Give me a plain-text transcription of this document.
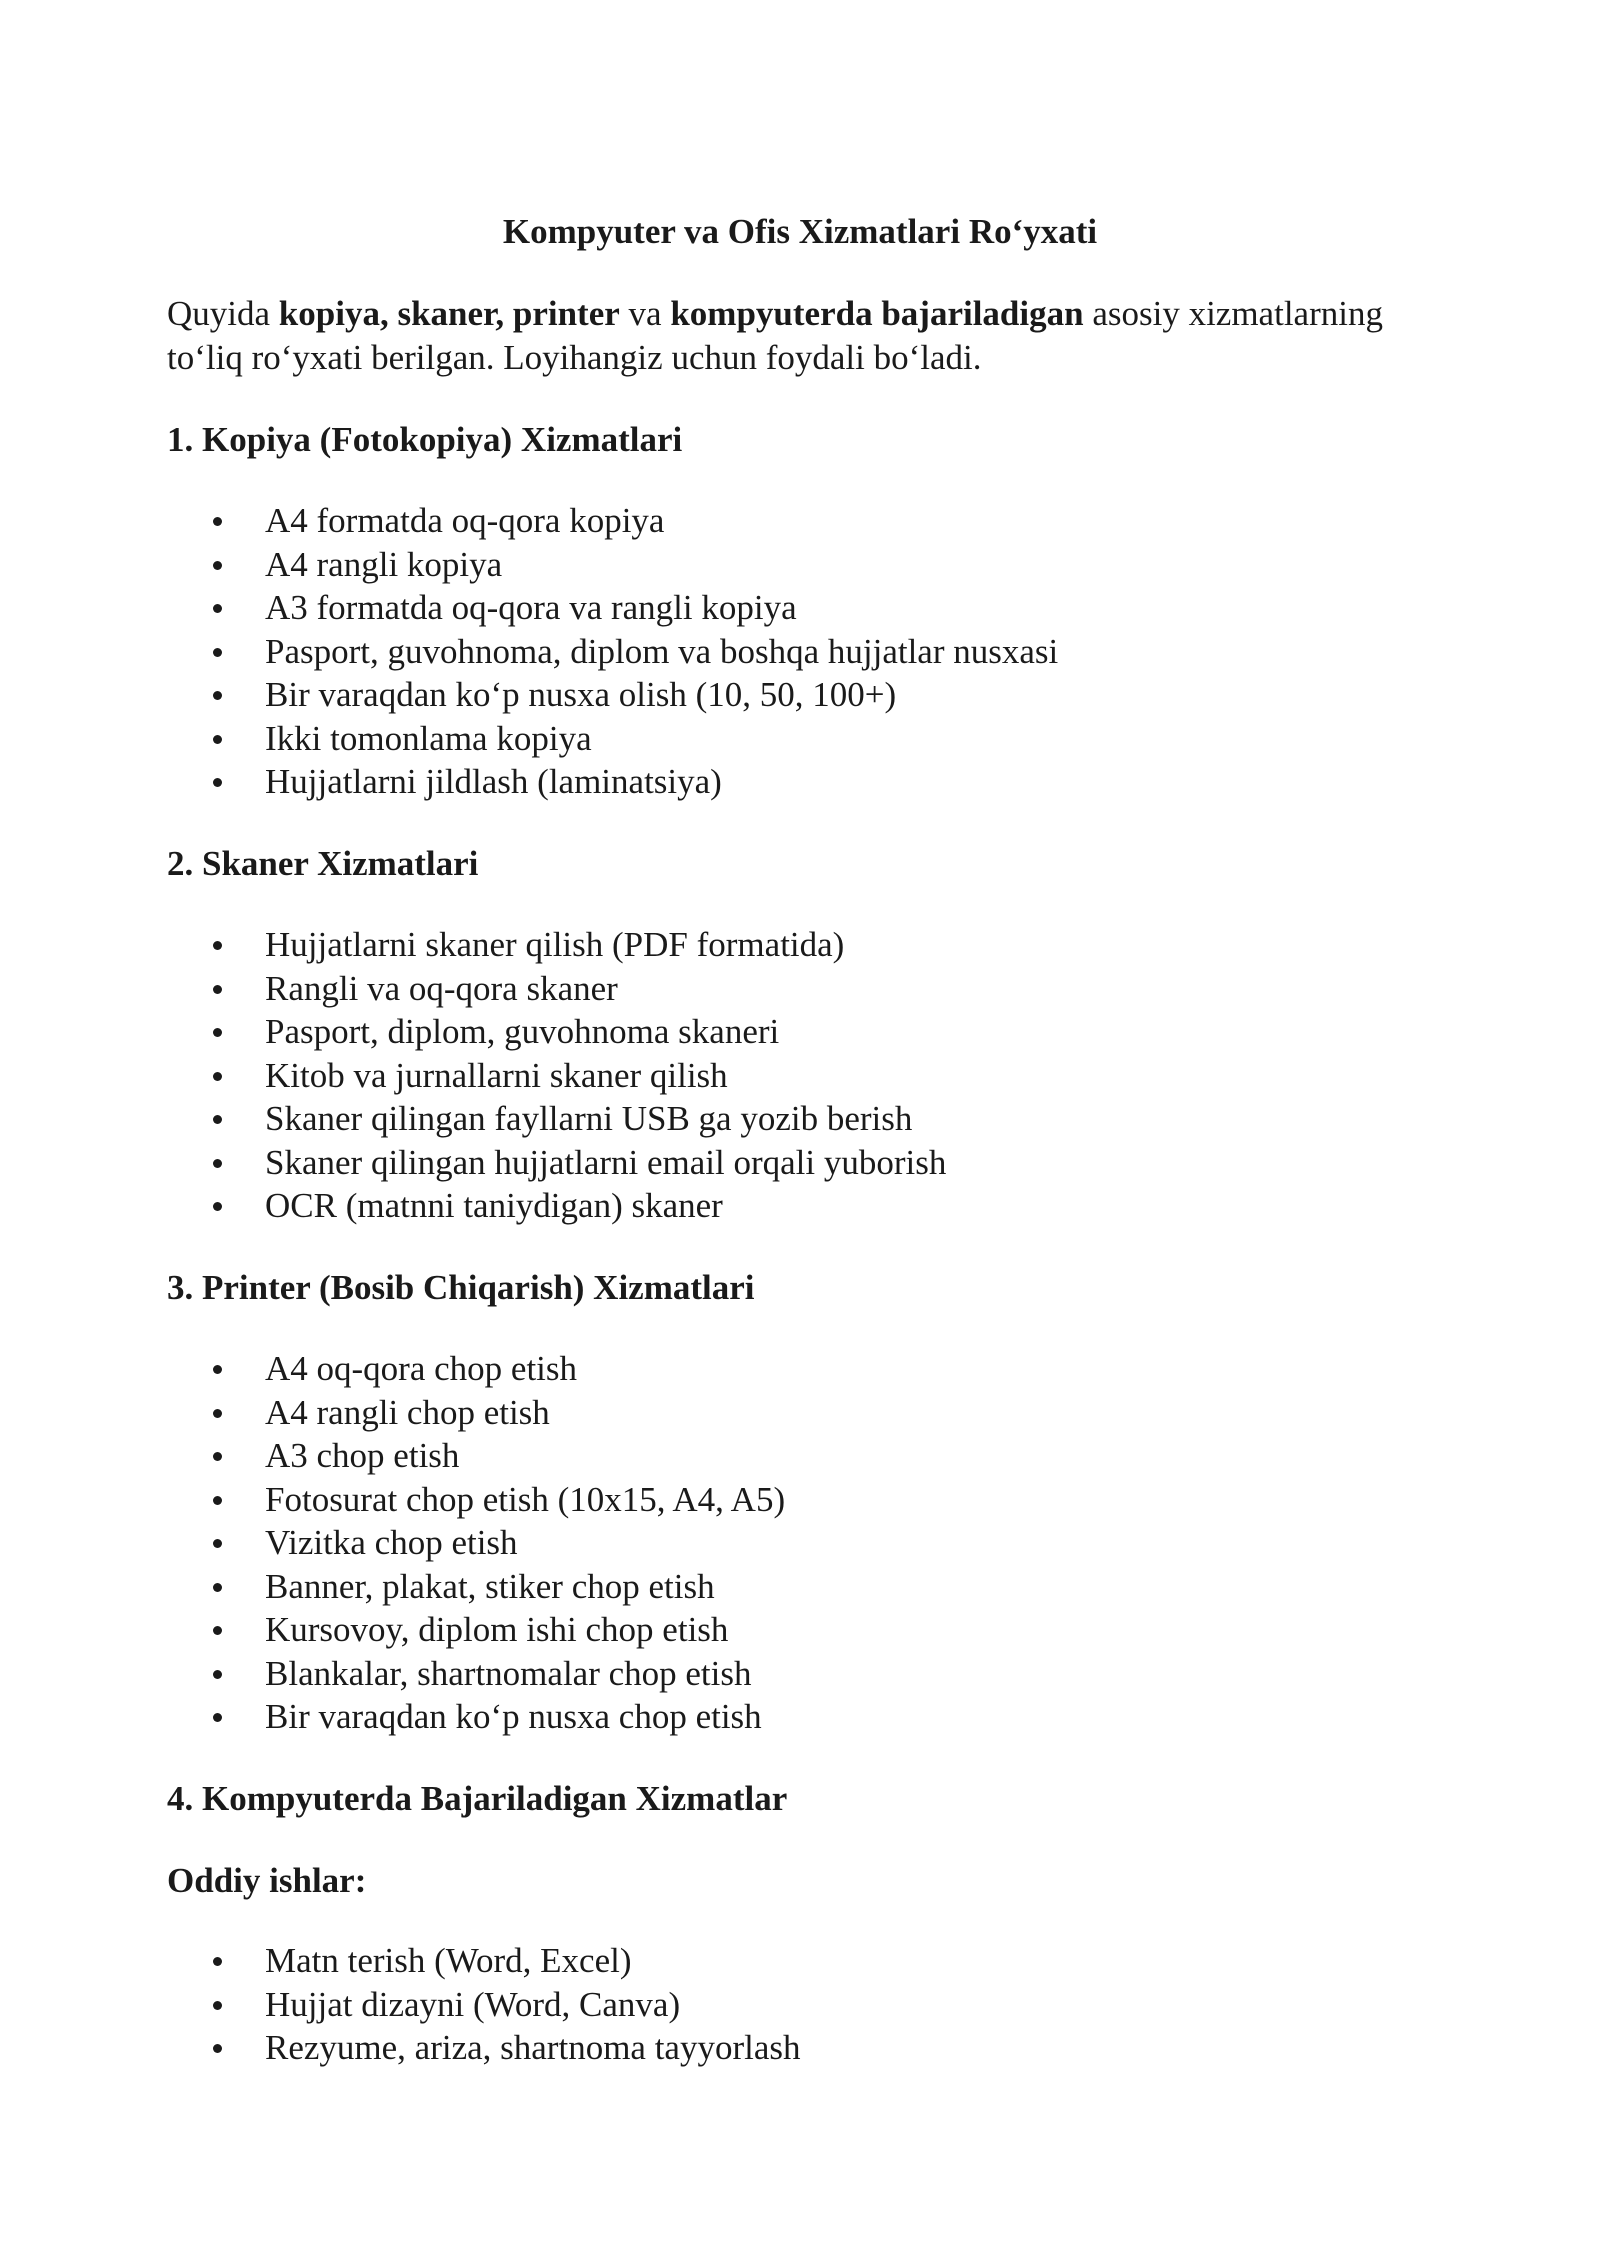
Kompyuter va Ofis Xizmatlari Ro‘yxati

Quyida kopiya, skaner, printer va kompyuterda bajariladigan asosiy xizmatlarning to‘liq ro‘yxati berilgan. Loyihangiz uchun foydali bo‘ladi.

1. Kopiya (Fotokopiya) Xizmatlari
A4 formatda oq-qora kopiya
A4 rangli kopiya
A3 formatda oq-qora va rangli kopiya
Pasport, guvohnoma, diplom va boshqa hujjatlar nusxasi
Bir varaqdan ko‘p nusxa olish (10, 50, 100+)
Ikki tomonlama kopiya
Hujjatlarni jildlash (laminatsiya)
2. Skaner Xizmatlari
Hujjatlarni skaner qilish (PDF formatida)
Rangli va oq-qora skaner
Pasport, diplom, guvohnoma skaneri
Kitob va jurnallarni skaner qilish
Skaner qilingan fayllarni USB ga yozib berish
Skaner qilingan hujjatlarni email orqali yuborish
OCR (matnni taniydigan) skaner
3. Printer (Bosib Chiqarish) Xizmatlari
A4 oq-qora chop etish
A4 rangli chop etish
A3 chop etish
Fotosurat chop etish (10x15, A4, A5)
Vizitka chop etish
Banner, plakat, stiker chop etish
Kursovoy, diplom ishi chop etish
Blankalar, shartnomalar chop etish
Bir varaqdan ko‘p nusxa chop etish
4. Kompyuterda Bajariladigan Xizmatlar
Oddiy ishlar:
Matn terish (Word, Excel)
Hujjat dizayni (Word, Canva)
Rezyume, ariza, shartnoma tayyorlash
